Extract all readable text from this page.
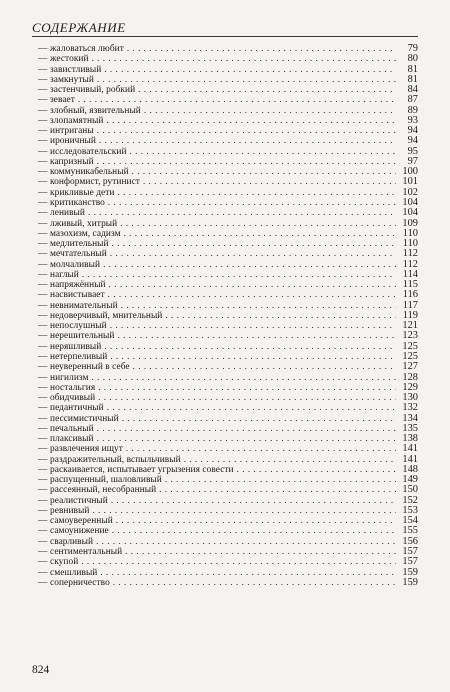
СОДЕРЖАНИЕ
— жаловаться любит . . .	79
— жестокий . . .	80
— завистливый . . .	81
— замкнутый . . .	81
— застенчивый, робкий . . .	84
— зевает . . .	87
— злобный, язвительный . . .	89
— злопамятный . . .	93
— интриганы . . .	94
— ироничный . . .	94
— исследовательский . . .	95
— капризный . . .	97
— коммуникабельный . . .	100
— конформист, рутинист . . .	101
— крикливые дети . . .	102
— критиканство . . .	104
— ленивый . . .	104
— лживый, хитрый . . .	109
— мазохизм, садизм . . .	110
— медлительный . . .	110
— мечтательный . . .	112
— молчаливый . . .	112
— наглый . . .	114
— напряжённый . . .	115
— насвистывает . . .	116
— невнимательный . . .	117
— недоверчивый, мнительный . . .	119
— непослушный . . .	121
— нерешительный . . .	123
— неряшливый . . .	125
— нетерпеливый . . .	125
— неуверенный в себе . . .	127
— нигилизм . . .	128
— ностальгия . . .	129
— обидчивый . . .	130
— педантичный . . .	132
— пессимистичный . . .	134
— печальный . . .	135
— плаксивый . . .	138
— развлечения ищут . . .	141
— раздражительный, вспыльчивый . . .	141
— раскаивается, испытывает угрызения совести . . .	148
— распущенный, шаловливый . . .	149
— рассеянный, несобранный . . .	150
— реалистичный . . .	152
— ревнивый . . .	153
— самоуверенный . . .	154
— самоунижение . . .	155
— сварливый . . .	156
— сентиментальный . . .	157
— скупой . . .	157
— смешливый . . .	159
— соперничество . . .	159
824
